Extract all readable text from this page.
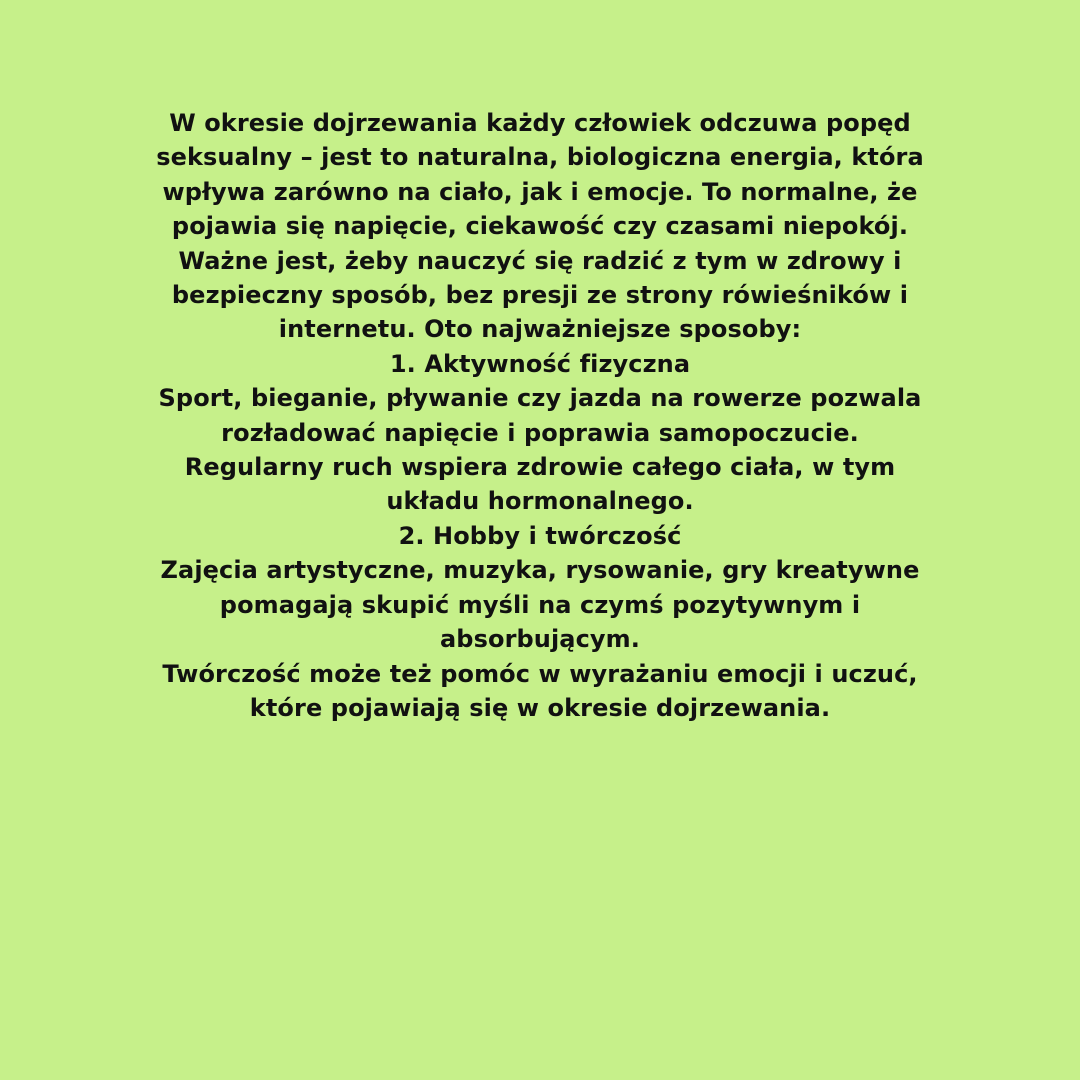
W okresie dojrzewania każdy człowiek odczuwa popęd
seksualny – jest to naturalna, biologiczna energia, która
wpływa zarówno na ciało, jak i emocje. To normalne, że
pojawia się napięcie, ciekawość czy czasami niepokój.
Ważne jest, żeby nauczyć się radzić z tym w zdrowy i
bezpieczny sposób, bez presji ze strony rówieśników i
internetu. Oto najważniejsze sposoby:
1. Aktywność fizyczna
Sport, bieganie, pływanie czy jazda na rowerze pozwala
rozładować napięcie i poprawia samopoczucie.
Regularny ruch wspiera zdrowie całego ciała, w tym
układu hormonalnego.
2. Hobby i twórczość
Zajęcia artystyczne, muzyka, rysowanie, gry kreatywne
pomagają skupić myśli na czymś pozytywnym i
absorbującym.
Twórczość może też pomóc w wyrażaniu emocji i uczuć,
które pojawiają się w okresie dojrzewania.
